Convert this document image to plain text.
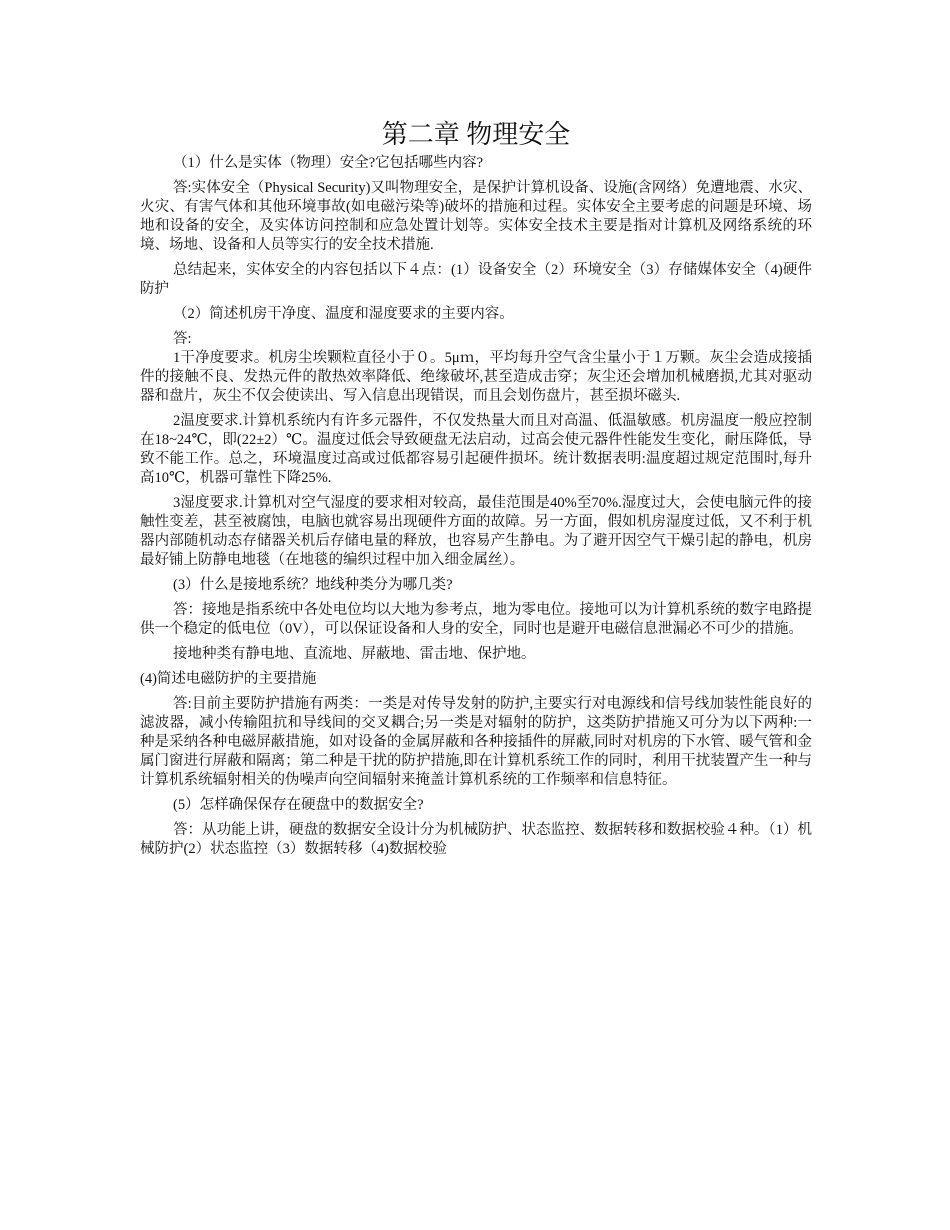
第二章 物理安全

（1）什么是实体（物理）安全?它包括哪些内容?

答:实体安全（Physical Security)又叫物理安全，是保护计算机设备、设施(含网络）免遭地震、水灾、火灾、有害气体和其他环境事故(如电磁污染等)破坏的措施和过程。实体安全主要考虑的问题是环境、场地和设备的安全，及实体访问控制和应急处置计划等。实体安全技术主要是指对计算机及网络系统的环境、场地、设备和人员等实行的安全技术措施.

总结起来，实体安全的内容包括以下４点：(1）设备安全（2）环境安全（3）存储媒体安全（4)硬件防护

（2）简述机房干净度、温度和湿度要求的主要内容。

答:

1干净度要求。机房尘埃颗粒直径小于０。5μｍ，平均每升空气含尘量小于１万颗。灰尘会造成接插件的接触不良、发热元件的散热效率降低、绝缘破坏,甚至造成击穿；灰尘还会增加机械磨损,尤其对驱动器和盘片，灰尘不仅会使读出、写入信息出现错误，而且会划伤盘片，甚至损坏磁头.

2温度要求.计算机系统内有许多元器件，不仅发热量大而且对高温、低温敏感。机房温度一般应控制在18~24℃，即(22±2）℃。温度过低会导致硬盘无法启动，过高会使元器件性能发生变化，耐压降低，导致不能工作。总之，环境温度过高或过低都容易引起硬件损坏。统计数据表明:温度超过规定范围时,每升高10℃，机器可靠性下降25%.

3湿度要求.计算机对空气湿度的要求相对较高，最佳范围是40%至70%.湿度过大，会使电脑元件的接触性变差，甚至被腐蚀，电脑也就容易出现硬件方面的故障。另一方面，假如机房湿度过低，又不利于机器内部随机动态存储器关机后存储电量的释放，也容易产生静电。为了避开因空气干燥引起的静电，机房最好铺上防静电地毯（在地毯的编织过程中加入细金属丝）。

(3）什么是接地系统？地线种类分为哪几类?

答：接地是指系统中各处电位均以大地为参考点，地为零电位。接地可以为计算机系统的数字电路提供一个稳定的低电位（0V），可以保证设备和人身的安全，同时也是避开电磁信息泄漏必不可少的措施。

接地种类有静电地、直流地、屏蔽地、雷击地、保护地。

(4)简述电磁防护的主要措施

答:目前主要防护措施有两类：一类是对传导发射的防护,主要实行对电源线和信号线加装性能良好的滤波器，减小传输阻抗和导线间的交叉耦合;另一类是对辐射的防护，这类防护措施又可分为以下两种:一种是采纳各种电磁屏蔽措施，如对设备的金属屏蔽和各种接插件的屏蔽,同时对机房的下水管、暖气管和金属门窗进行屏蔽和隔离；第二种是干扰的防护措施,即在计算机系统工作的同时，利用干扰装置产生一种与计算机系统辐射相关的伪噪声向空间辐射来掩盖计算机系统的工作频率和信息特征。

(5）怎样确保保存在硬盘中的数据安全?

答：从功能上讲，硬盘的数据安全设计分为机械防护、状态监控、数据转移和数据校验４种。（1）机械防护(2）状态监控（3）数据转移（4)数据校验
